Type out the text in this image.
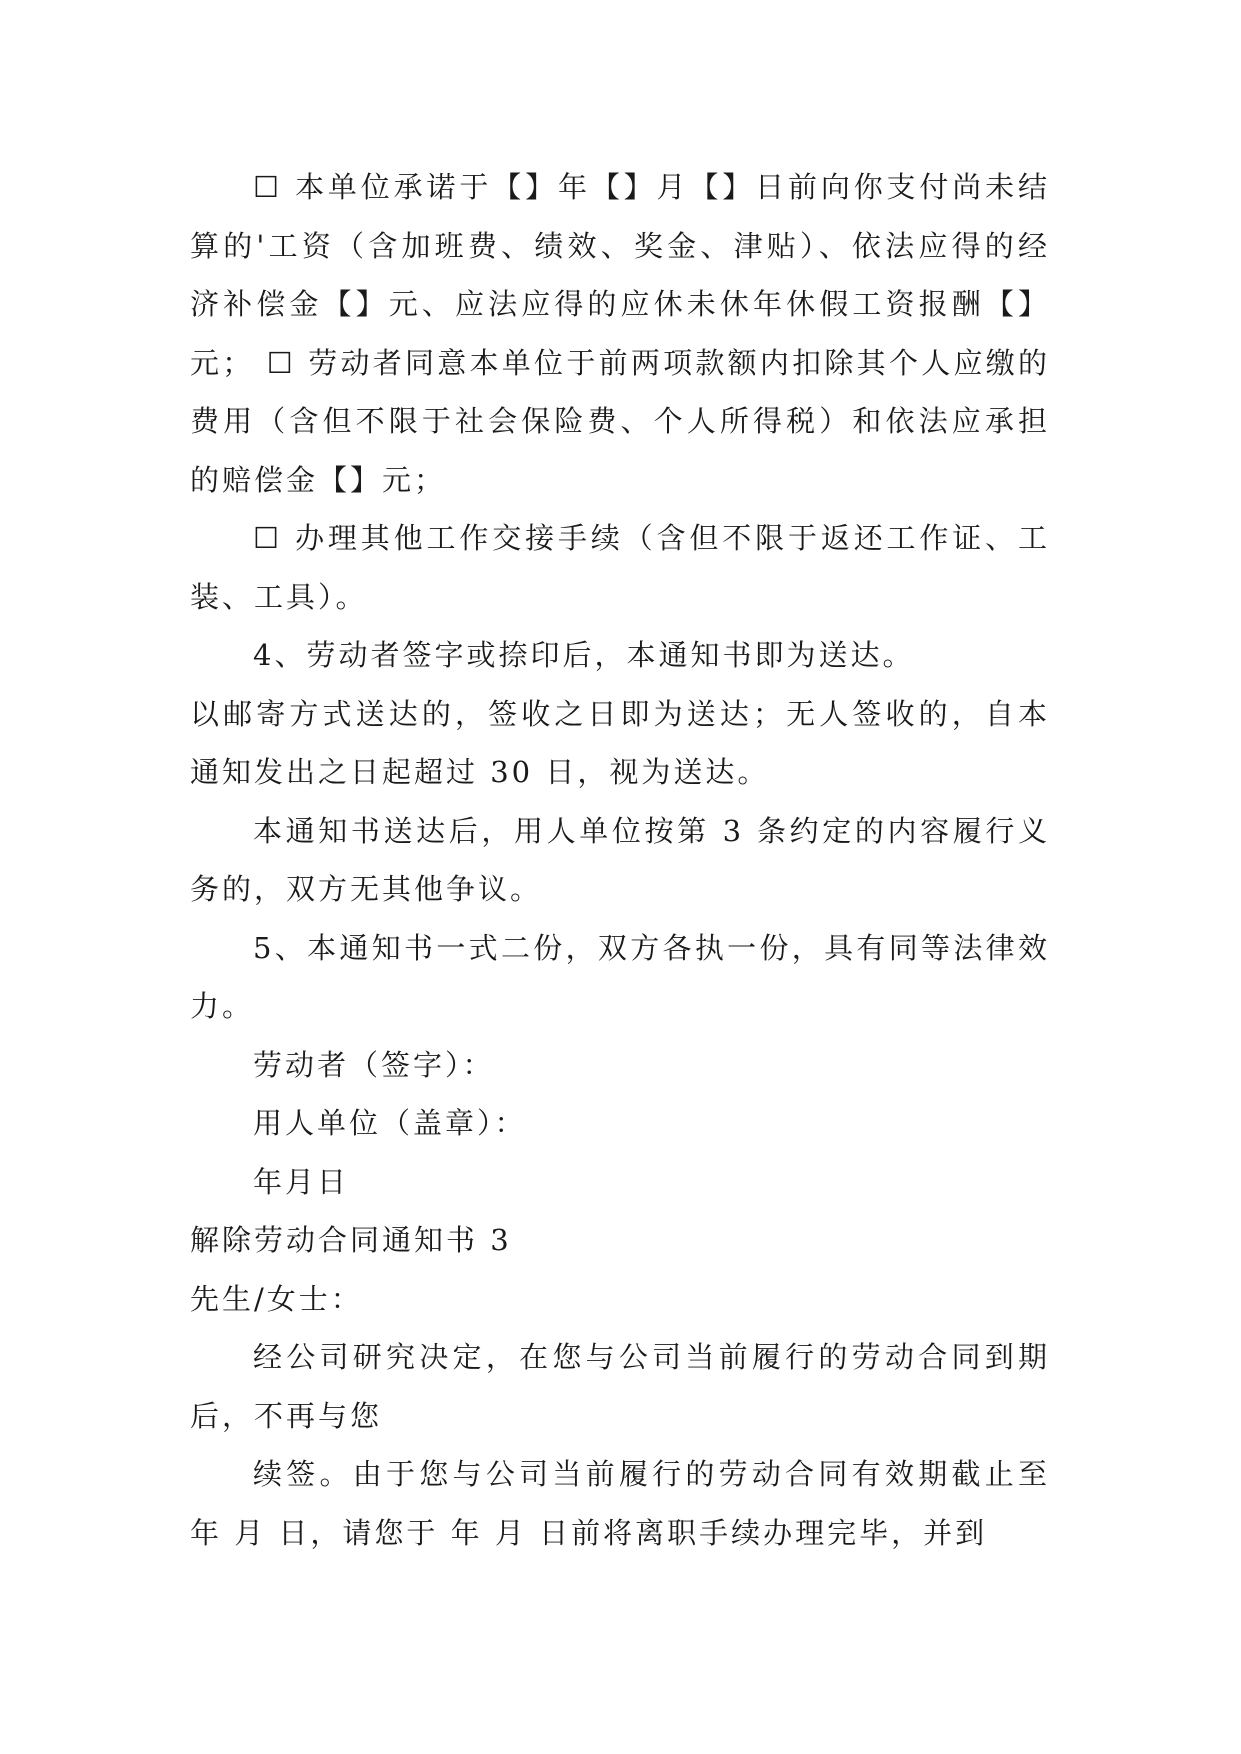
☐ 本单位承诺于【】年【】月【】日前向你支付尚未结算的'工资（含加班费、绩效、奖金、津贴）、依法应得的经济补偿金【】元、应法应得的应休未休年休假工资报酬【】元； ☐ 劳动者同意本单位于前两项款额内扣除其个人应缴的费用（含但不限于社会保险费、个人所得税）和依法应承担的赔偿金【】元；

☐ 办理其他工作交接手续（含但不限于返还工作证、工装、工具）。

4、劳动者签字或捺印后，本通知书即为送达。

以邮寄方式送达的，签收之日即为送达；无人签收的，自本通知发出之日起超过 30 日，视为送达。

本通知书送达后，用人单位按第 3 条约定的内容履行义务的，双方无其他争议。

5、本通知书一式二份，双方各执一份，具有同等法律效力。

劳动者（签字）：

用人单位（盖章）：

年月日

解除劳动合同通知书 3

先生/女士：

经公司研究决定，在您与公司当前履行的劳动合同到期后，不再与您

续签。由于您与公司当前履行的劳动合同有效期截止至 年 月 日，请您于 年 月 日前将离职手续办理完毕，并到
